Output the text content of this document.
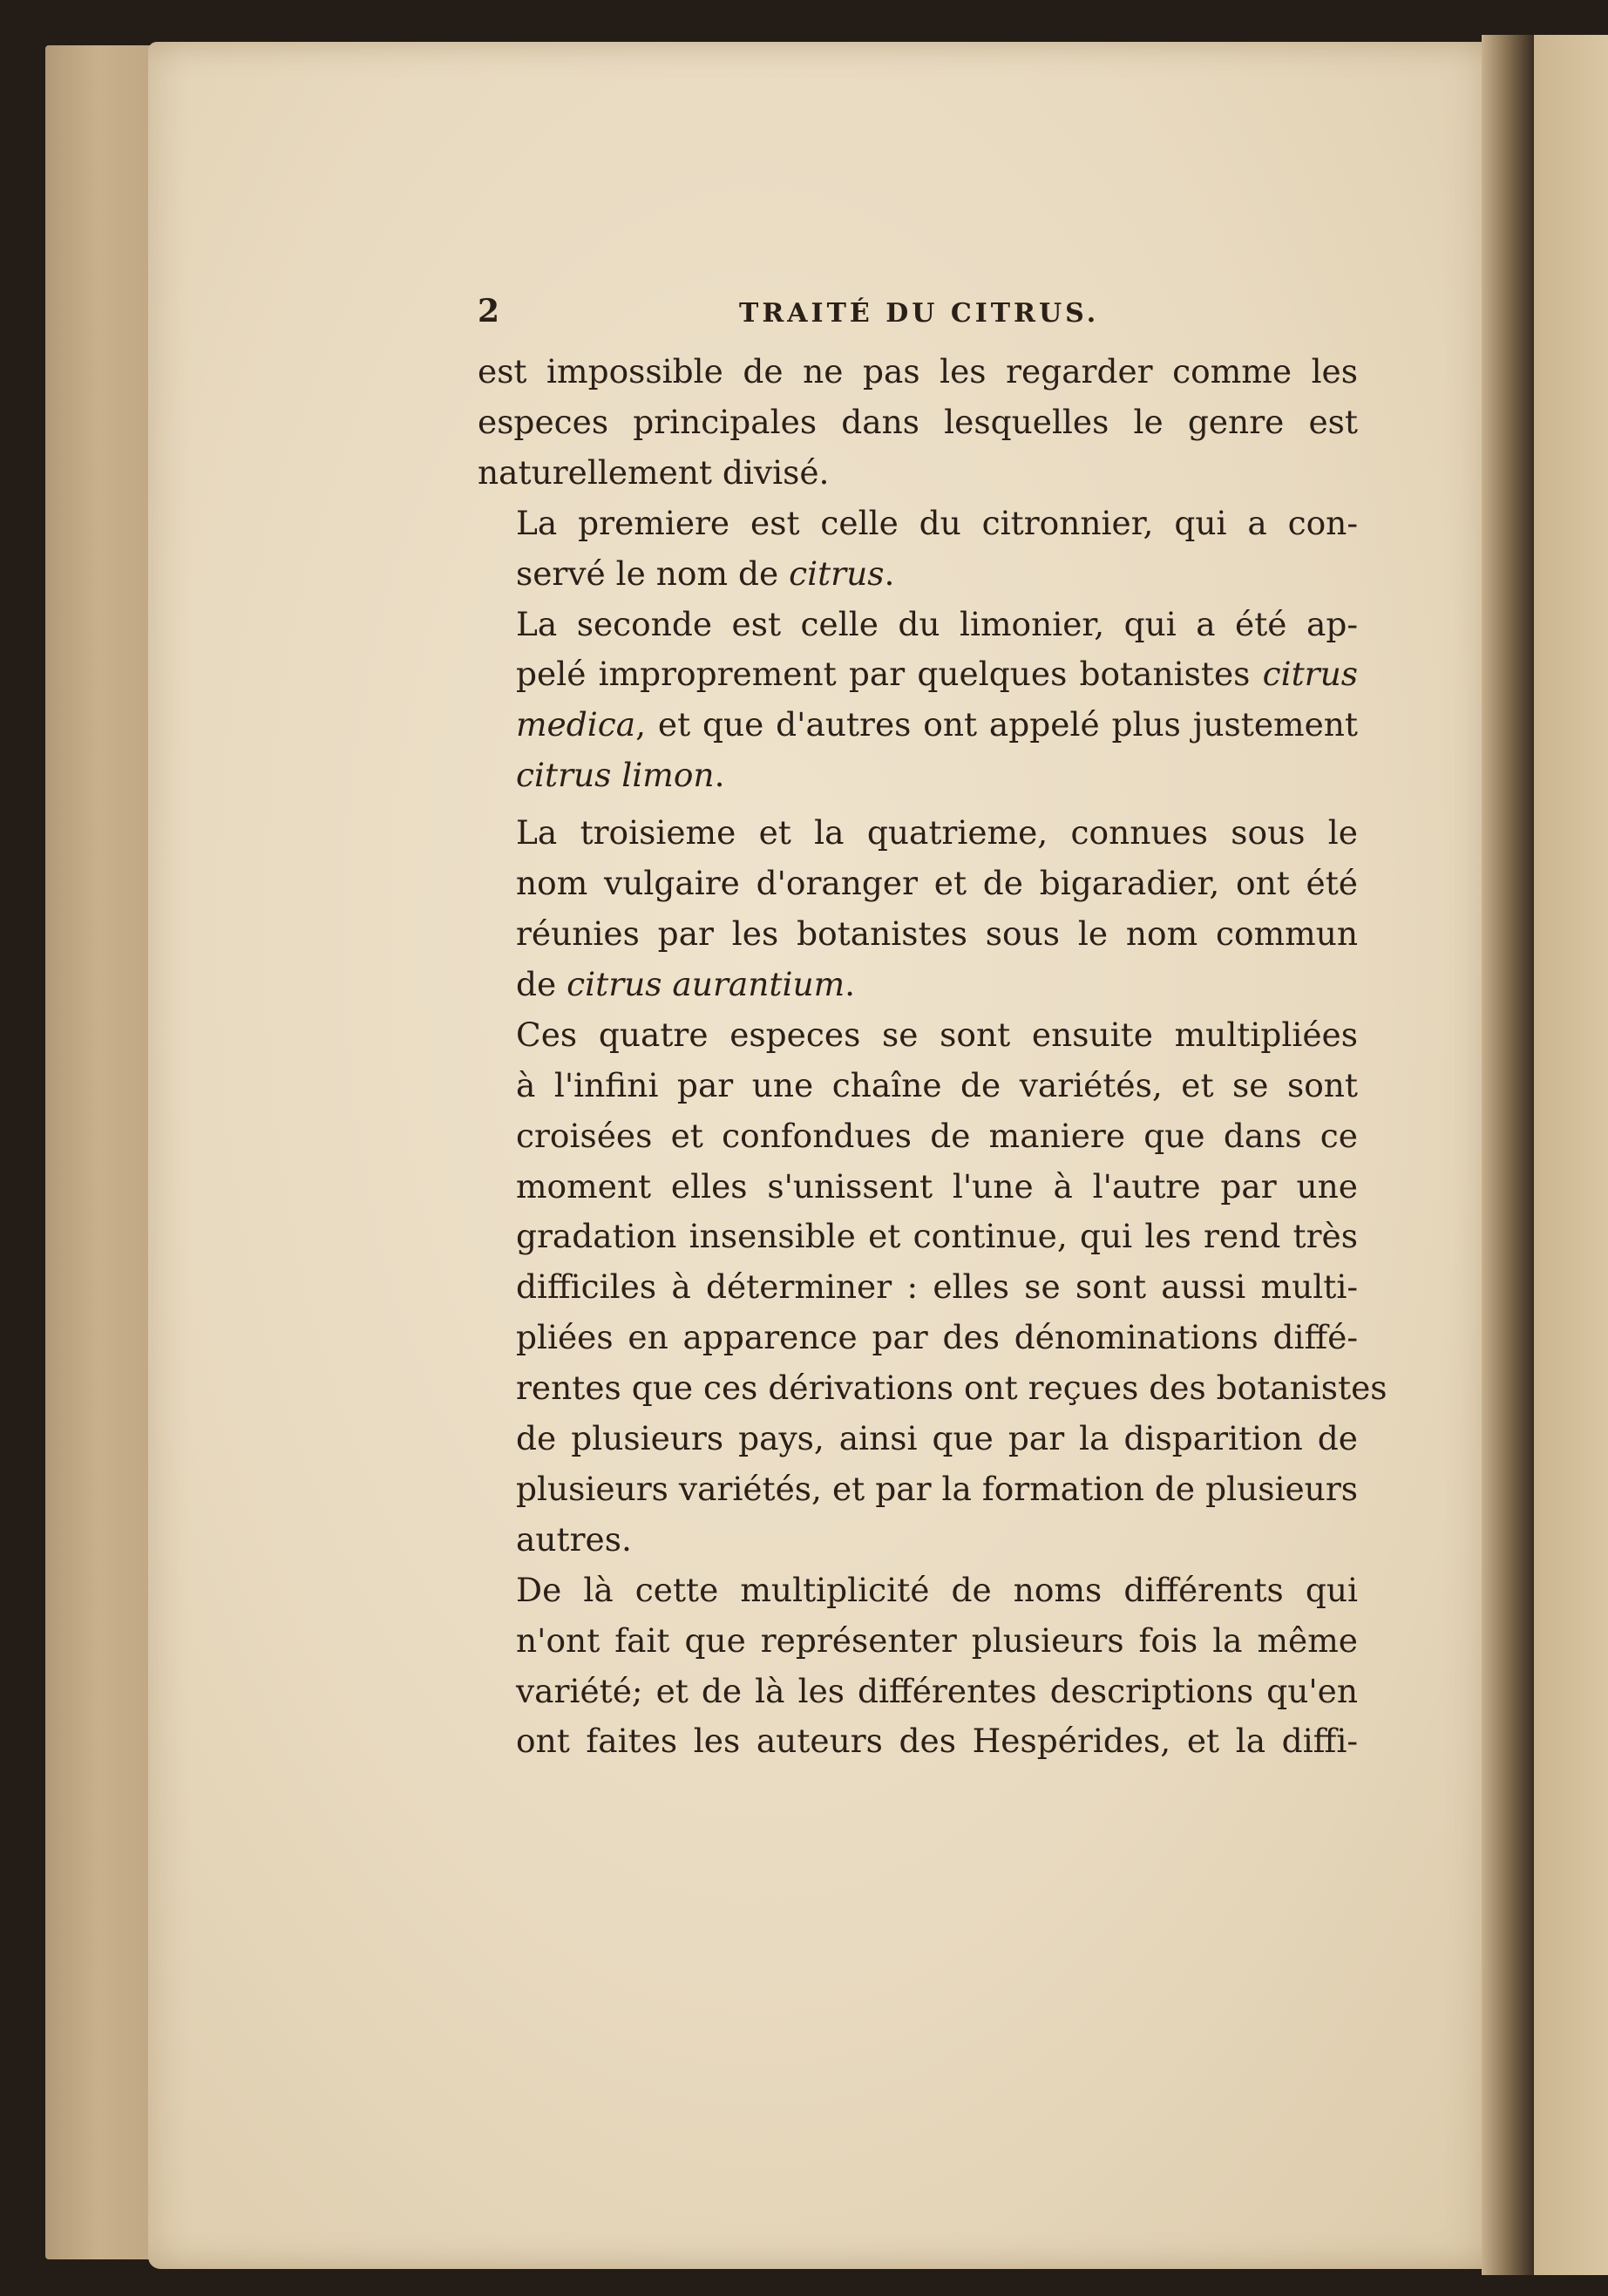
2	TRAITÉ DU CITRUS.

est impossible de ne pas les regarder comme les
especes principales dans lesquelles le genre est
naturellement divisé.

La premiere est celle du citronnier, qui a con-
servé le nom de citrus.

La seconde est celle du limonier, qui a été ap-
pelé improprement par quelques botanistes citrus
medica, et que d'autres ont appelé plus justement
citrus limon.

La troisieme et la quatrieme, connues sous le
nom vulgaire d'oranger et de bigaradier, ont été
réunies par les botanistes sous le nom commun
de citrus aurantium.

Ces quatre especes se sont ensuite multipliées
à l'infini par une chaîne de variétés, et se sont
croisées et confondues de maniere que dans ce
moment elles s'unissent l'une à l'autre par une
gradation insensible et continue, qui les rend très
difficiles à déterminer : elles se sont aussi multi-
pliées en apparence par des dénominations diffé-
rentes que ces dérivations ont reçues des botanistes
de plusieurs pays, ainsi que par la disparition de
plusieurs variétés, et par la formation de plusieurs
autres.

De là cette multiplicité de noms différents qui
n'ont fait que représenter plusieurs fois la même
variété; et de là les différentes descriptions qu'en
ont faites les auteurs des Hespérides, et la diffi-
